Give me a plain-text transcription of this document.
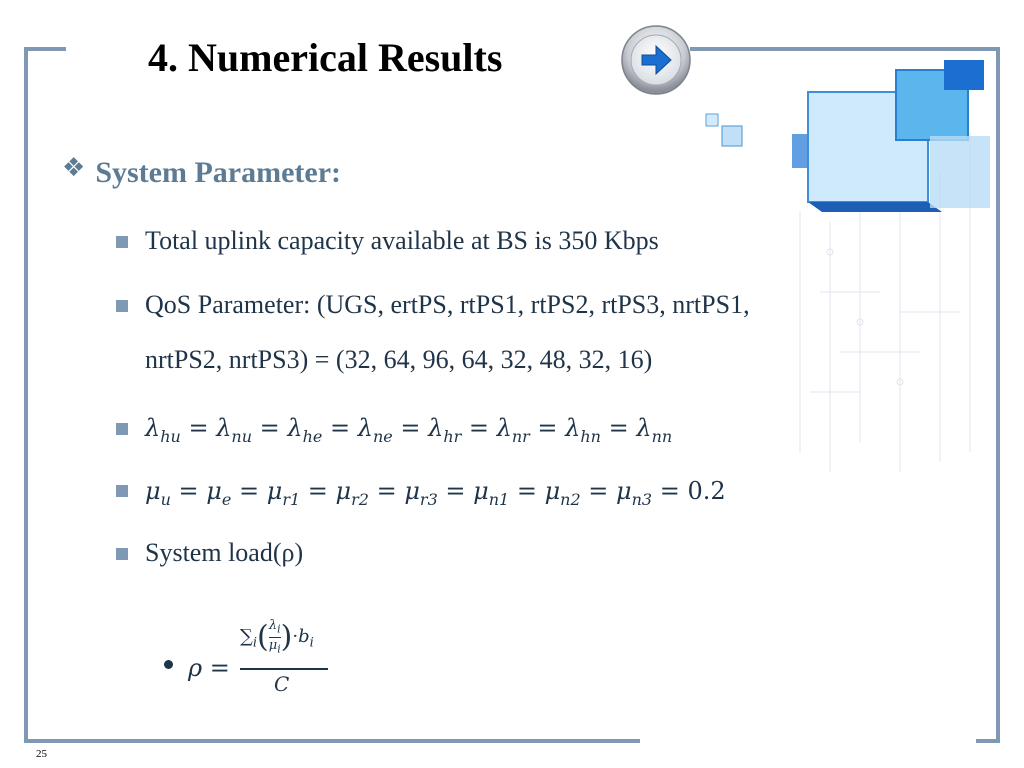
4. Numerical Results
❖ System Parameter:
Total uplink capacity available at BS is 350 Kbps
QoS Parameter: (UGS, ertPS, rtPS1, rtPS2, rtPS3, nrtPS1,
nrtPS2, nrtPS3) = (32, 64, 96, 64, 32, 48, 32, 16)
$\lambda_{hu} = \lambda_{nu} = \lambda_{he} = \lambda_{ne} = \lambda_{hr} = \lambda_{nr} = \lambda_{hn} = \lambda_{nn}$
$\mu_u = \mu_e = \mu_{r1} = \mu_{r2} = \mu_{r3} = \mu_{n1} = \mu_{n2} = \mu_{n3} = 0.2$
System load(ρ)
ρ =
$\sum_i( \frac{\lambda_i}{\mu_i} )\cdot b_i$
C
25
